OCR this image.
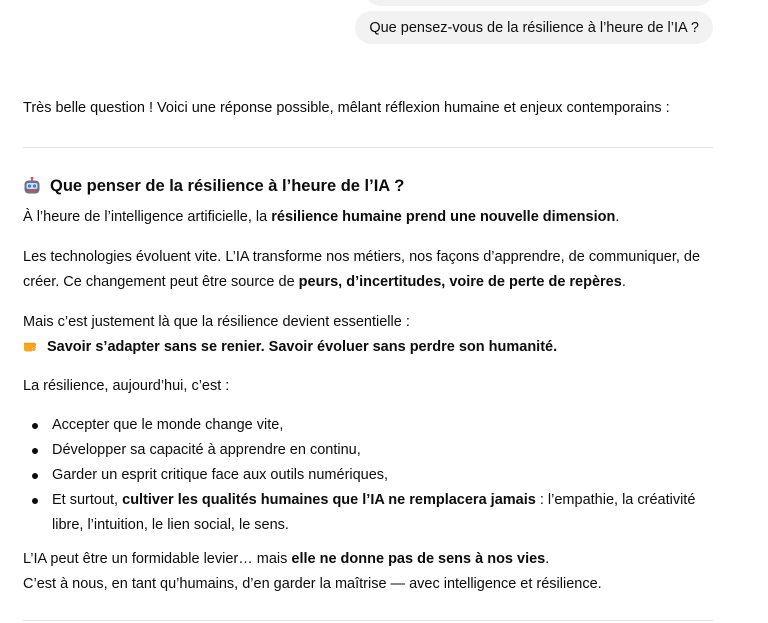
Que pensez-vous de la résilience à l’heure de l’IA ?

Très belle question ! Voici une réponse possible, mêlant réflexion humaine et enjeux contemporains :

Que penser de la résilience à l’heure de l’IA ?

À l’heure de l’intelligence artificielle, la résilience humaine prend une nouvelle dimension.

Les technologies évoluent vite. L’IA transforme nos métiers, nos façons d’apprendre, de communiquer, de créer. Ce changement peut être source de peurs, d’incertitudes, voire de perte de repères.

Mais c’est justement là que la résilience devient essentielle :
Savoir s’adapter sans se renier. Savoir évoluer sans perdre son humanité.

La résilience, aujourd’hui, c’est :

Accepter que le monde change vite,
Développer sa capacité à apprendre en continu,
Garder un esprit critique face aux outils numériques,
Et surtout, cultiver les qualités humaines que l’IA ne remplacera jamais : l’empathie, la créativité libre, l’intuition, le lien social, le sens.

L’IA peut être un formidable levier… mais elle ne donne pas de sens à nos vies.

C’est à nous, en tant qu’humains, d’en garder la maîtrise — avec intelligence et résilience.
